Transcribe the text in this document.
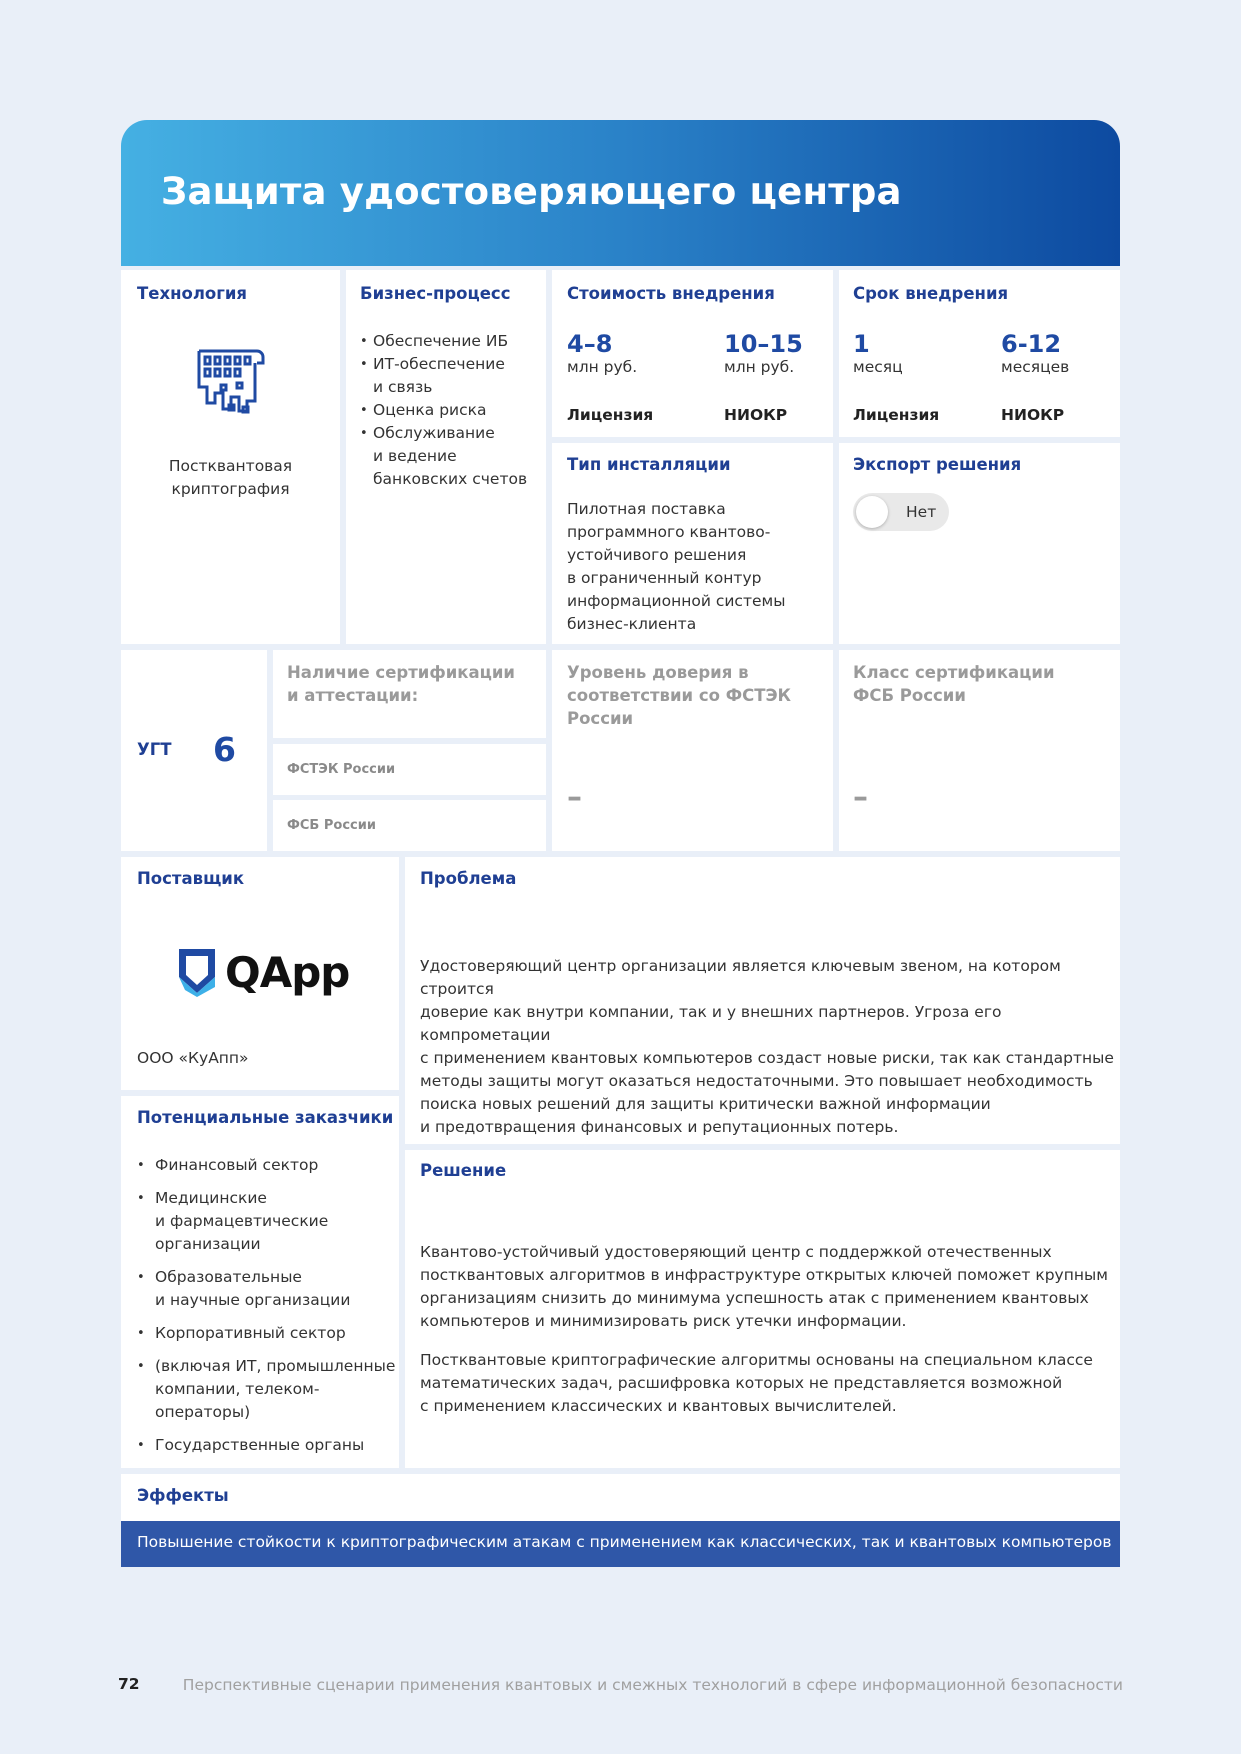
Защита удостоверяющего центра
Технология
Постквантовая
криптография
Бизнес-процесс
• Обеспечение ИБ
• ИТ-обеспечение
и связь
• Оценка риска
• Обслуживание
и ведение
банковских счетов
Стоимость внедрения
4–8
млн руб.
10–15
млн руб.
Лицензия	НИОКР
Срок внедрения
1
месяц
6-12
месяцев
Лицензия	НИОКР
Тип инсталляции
Пилотная поставка
программного квантово-
устойчивого решения
в ограниченный контур
информационной системы
бизнес-клиента
Экспорт решения
Нет
УГТ 6
Наличие сертификации
и аттестации:
ФСТЭК России
ФСБ России
Уровень доверия в
соответствии со ФСТЭК
России
–
Класс сертификации
ФСБ России
–
Поставщик
QApp
ООО «КуАпп»
Проблема
Удостоверяющий центр организации является ключевым звеном, на котором строится
доверие как внутри компании, так и у внешних партнеров. Угроза его компрометации
с применением квантовых компьютеров создаст новые риски, так как стандартные
методы защиты могут оказаться недостаточными. Это повышает необходимость
поиска новых решений для защиты критически важной информации
и предотвращения финансовых и репутационных потерь.
Потенциальные заказчики
• Финансовый сектор
• Медицинские
и фармацевтические
организации
• Образовательные
и научные организации
• Корпоративный сектор
• (включая ИТ, промышленные
компании, телеком-
операторы)
• Государственные органы
Решение
Квантово-устойчивый удостоверяющий центр с поддержкой отечественных
постквантовых алгоритмов в инфраструктуре открытых ключей поможет крупным
организациям снизить до минимума успешность атак с применением квантовых
компьютеров и минимизировать риск утечки информации.
Постквантовые криптографические алгоритмы основаны на специальном классе
математических задач, расшифровка которых не представляется возможной
с применением классических и квантовых вычислителей.
Эффекты
Повышение стойкости к криптографическим атакам с применением как классических, так и квантовых компьютеров
72	Перспективные сценарии применения квантовых и смежных технологий в сфере информационной безопасности
